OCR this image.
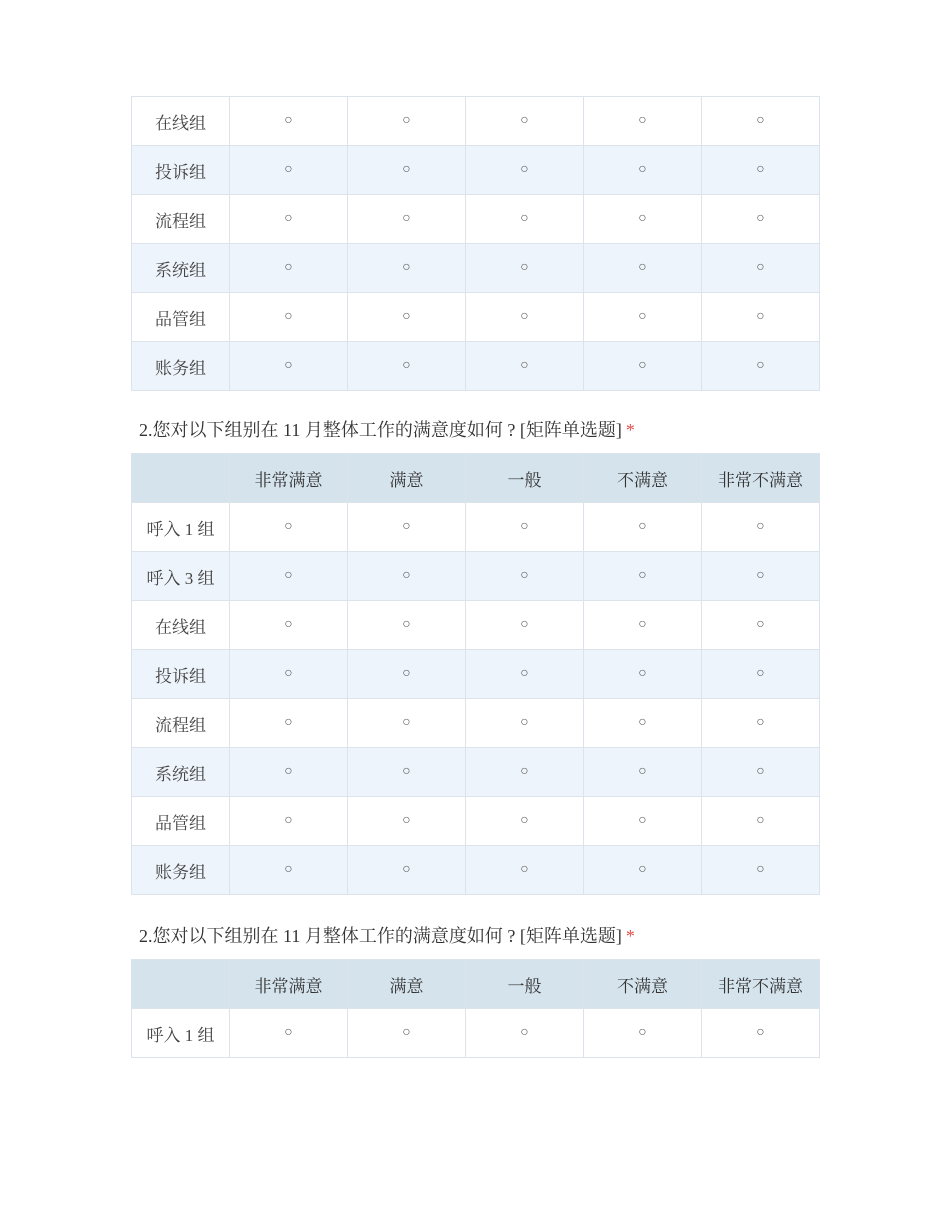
在线组	○	○	○	○	○
投诉组	○	○	○	○	○
流程组	○	○	○	○	○
系统组	○	○	○	○	○
品管组	○	○	○	○	○
账务组	○	○	○	○	○
2.您对以下组别在 11 月整体工作的满意度如何 ? [矩阵单选题] *
	非常满意	满意	一般	不满意	非常不满意
呼入 1 组	○	○	○	○	○
呼入 3 组	○	○	○	○	○
在线组	○	○	○	○	○
投诉组	○	○	○	○	○
流程组	○	○	○	○	○
系统组	○	○	○	○	○
品管组	○	○	○	○	○
账务组	○	○	○	○	○
2.您对以下组别在 11 月整体工作的满意度如何 ? [矩阵单选题] *
	非常满意	满意	一般	不满意	非常不满意
呼入 1 组	○	○	○	○	○
